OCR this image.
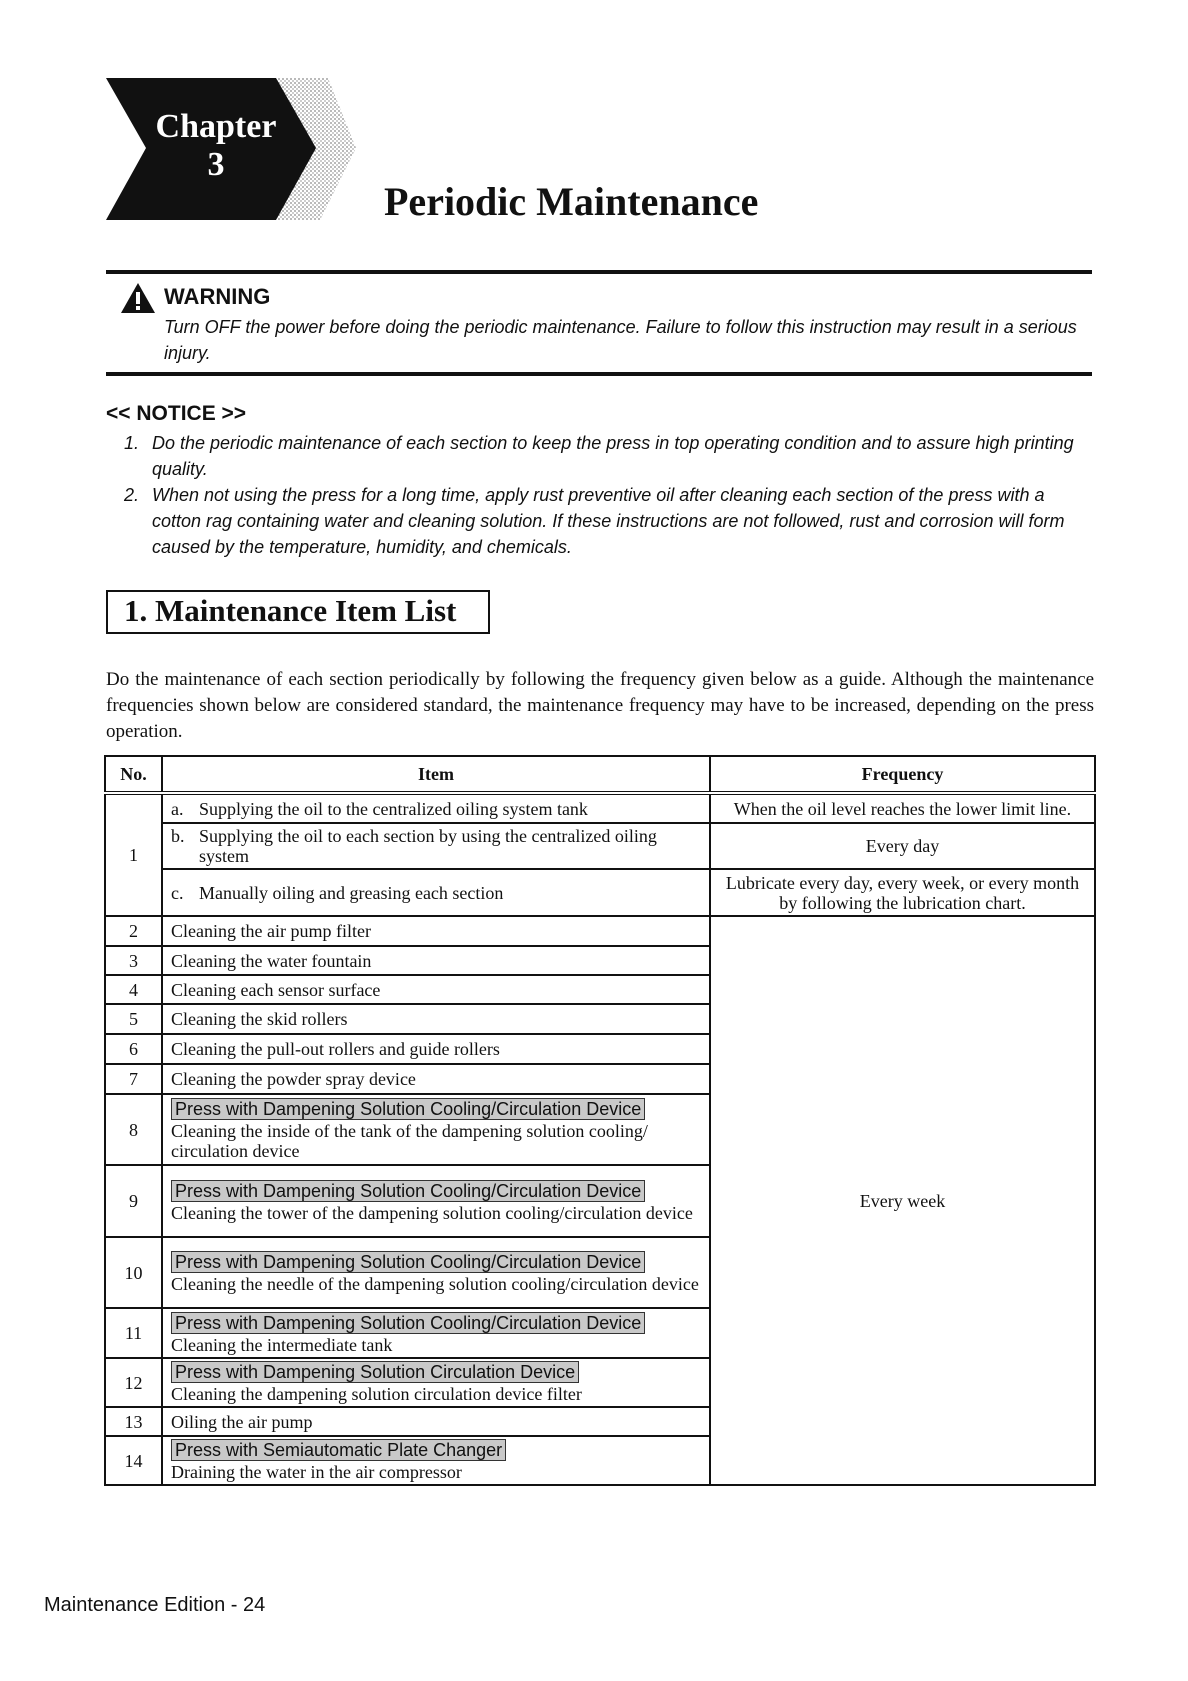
Chapter
3
Periodic Maintenance
WARNING
Turn OFF the power before doing the periodic maintenance. Failure to follow this instruction may result in a serious injury.
<< NOTICE >>
1. Do the periodic maintenance of each section to keep the press in top operating condition and to assure high printing quality.
2. When not using the press for a long time, apply rust preventive oil after cleaning each section of the press with a cotton rag containing water and cleaning solution. If these instructions are not followed, rust and corrosion will form caused by the temperature, humidity, and chemicals.
1. Maintenance Item List

Do the maintenance of each section periodically by following the frequency given below as a guide. Although the maintenance frequencies shown below are considered standard, the maintenance frequency may have to be increased, depending on the press operation.

No.	Item	Frequency
1	a. Supplying the oil to the centralized oiling system tank	When the oil level reaches the lower limit line.

	b. Supplying the oil to each section by using the centralized oiling system	Every day

	c. Manually oiling and greasing each section	Lubricate every day, every week, or every month by following the lubrication chart.
2	Cleaning the air pump filter	Every week
3	Cleaning the water fountain	
4	Cleaning each sensor surface	
5	Cleaning the skid rollers	
6	Cleaning the pull-out rollers and guide rollers	
7	Cleaning the powder spray device	
8	Press with Dampening Solution Cooling/Circulation Device
Cleaning the inside of the tank of the dampening solution cooling/ circulation device	
9	Press with Dampening Solution Cooling/Circulation Device
Cleaning the tower of the dampening solution cooling/circulation device	
10	Press with Dampening Solution Cooling/Circulation Device
Cleaning the needle of the dampening solution cooling/circulation device	
11	Press with Dampening Solution Cooling/Circulation Device
Cleaning the intermediate tank	
12	Press with Dampening Solution Circulation Device
Cleaning the dampening solution circulation device filter	
13	Oiling the air pump	
14	Press with Semiautomatic Plate Changer
Draining the water in the air compressor	
Maintenance Edition - 24
